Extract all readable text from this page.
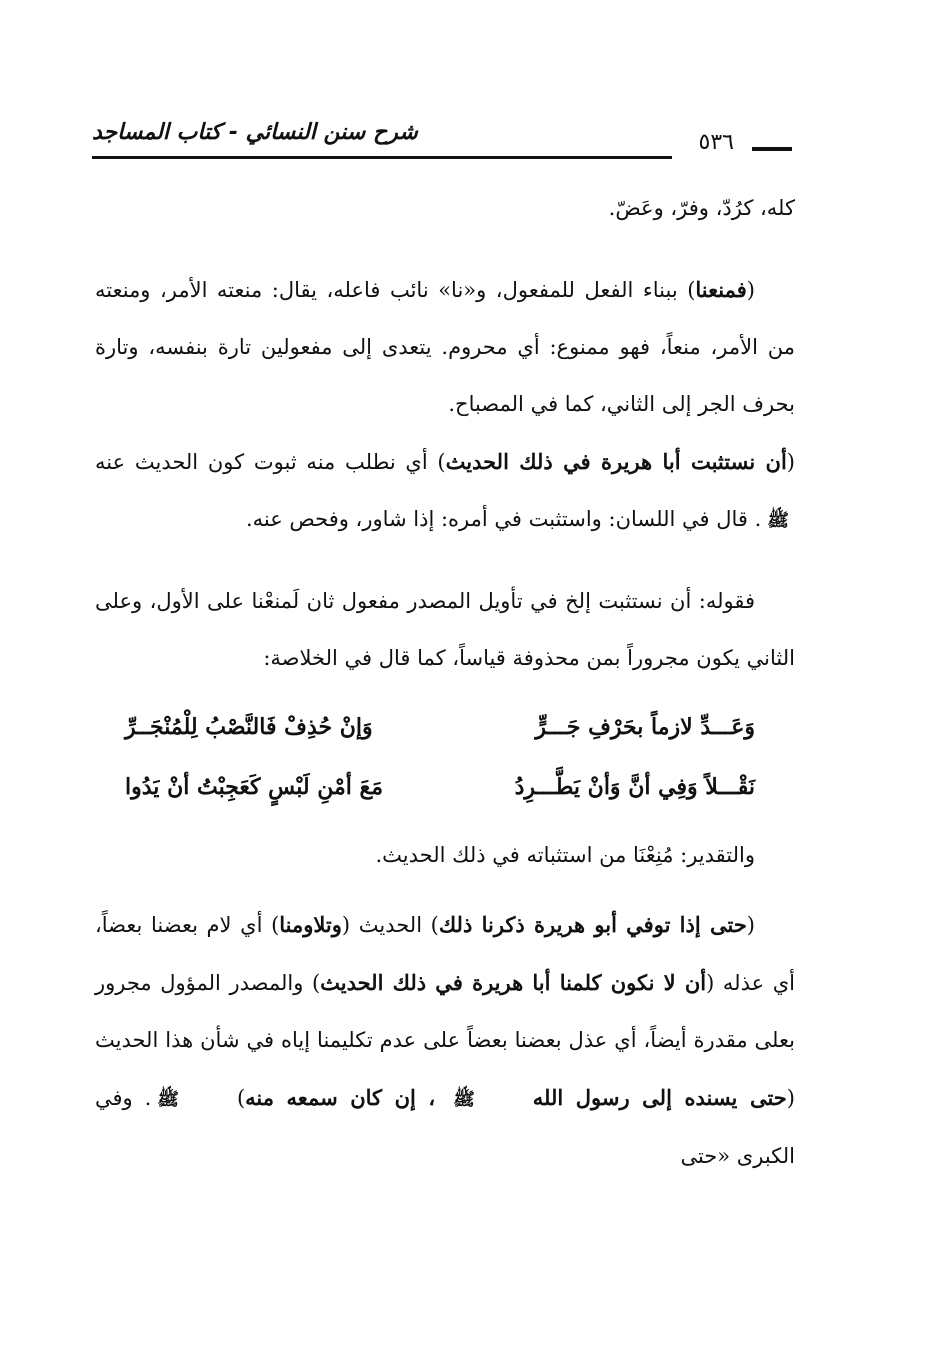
شرح سنن النسائي - كتاب المساجد	٥٣٦

كله، كرُدّ، وفرّ، وعَضّ.

(فمنعنا) ببناء الفعل للمفعول، و«نا» نائب فاعله، يقال: منعته الأمر، ومنعته من الأمر، منعاً، فهو ممنوع: أي محروم. يتعدى إلى مفعولين تارة بنفسه، وتارة بحرف الجر إلى الثاني، كما في المصباح.

(أن نستثبت أبا هريرة في ذلك الحديث) أي نطلب منه ثبوت كون الحديث عنه ﷺ. قال في اللسان: واستثبت في أمره: إذا شاور، وفحص عنه.

فقوله: أن نستثبت إلخ في تأويل المصدر مفعول ثان لَمنعْنا على الأول، وعلى الثاني يكون مجروراً بمن محذوفة قياساً، كما قال في الخلاصة:

وَعَـــدِّ لازماً بحَرْفِ جَـــرٍّ
وَإنْ حُذِفْ فَالنَّصْبُ لِلْمُنْجَــرِّ
نَقْـــلاً وَفِي أنَّ وَأنْ يَطَّـــرِدُ
مَعَ أمْنِ لَبْسٍ كَعَجِبْتُ أنْ يَدُوا

والتقدير: مُنِعْنَا من استثباته في ذلك الحديث.

(حتى إذا توفي أبو هريرة ذكرنا ذلك) الحديث (وتلاومنا) أي لام بعضنا بعضاً، أي عذله (أن لا نكون كلمنا أبا هريرة في ذلك الحديث) والمصدر المؤول مجرور بعلى مقدرة أيضاً، أي عذل بعضنا بعضاً على عدم تكليمنا إياه في شأن هذا الحديث (حتى يسنده إلى رسول الله ﷺ ، إن كان سمعه منه) ﷺ. وفي الكبرى «حتى
